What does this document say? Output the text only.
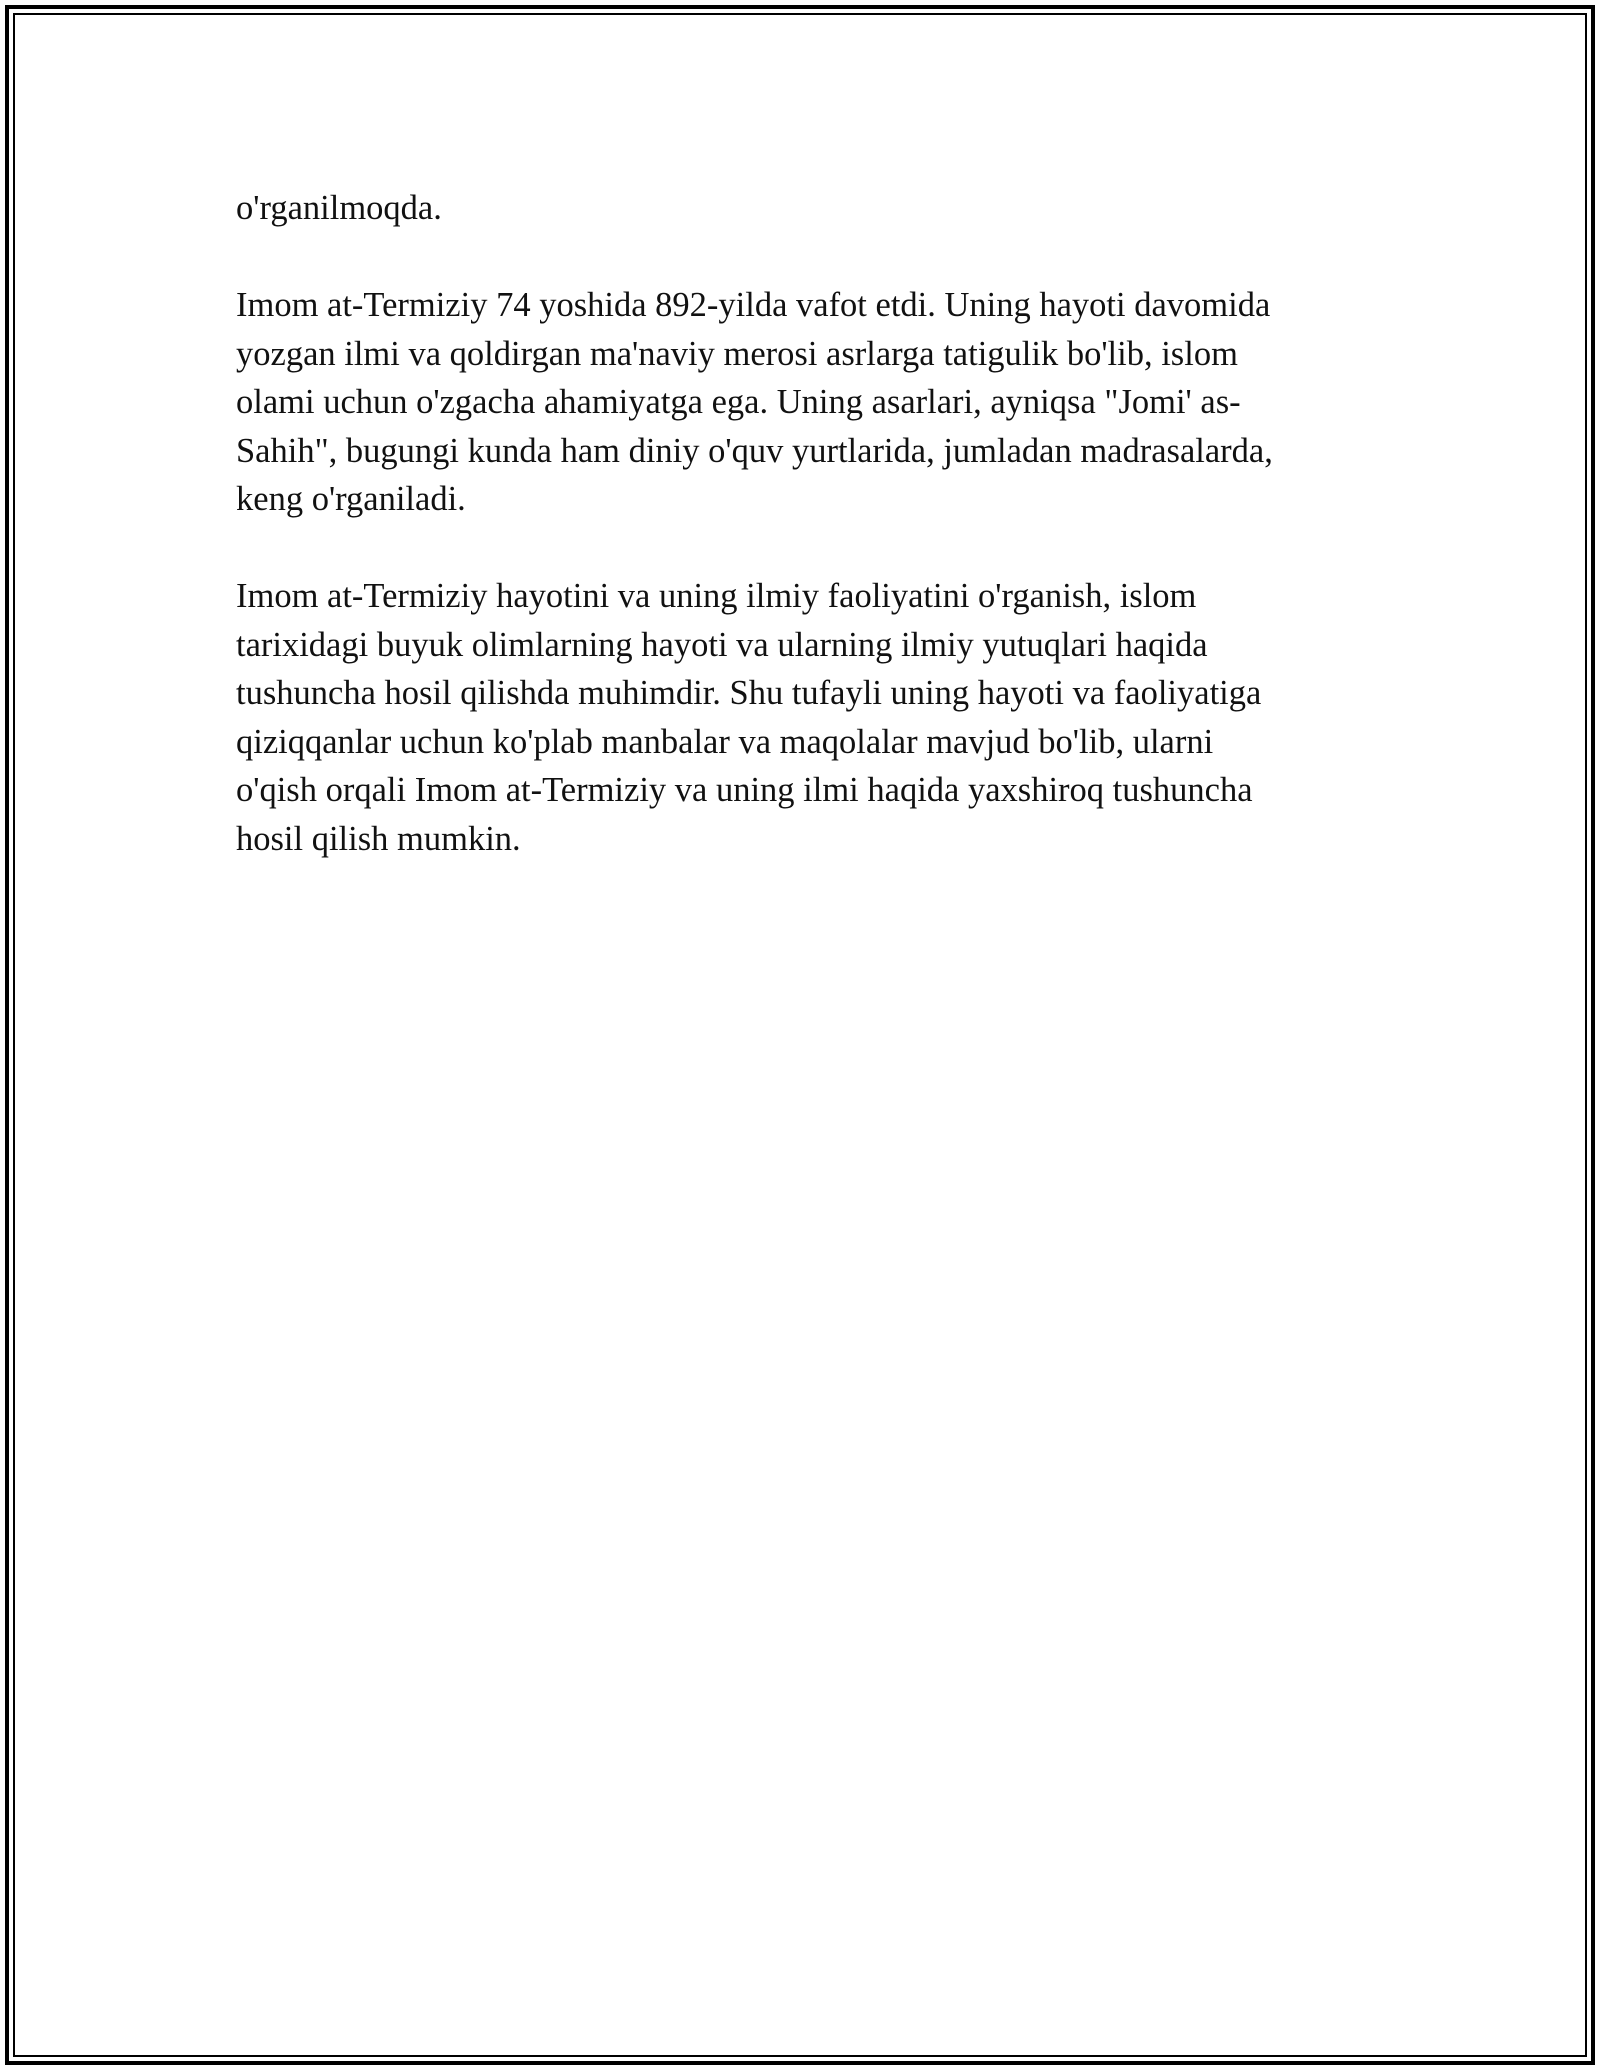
o'rganilmoqda.

Imom at-Termiziy 74 yoshida 892-yilda vafot etdi. Uning hayoti davomida
yozgan ilmi va qoldirgan ma'naviy merosi asrlarga tatigulik bo'lib, islom
olami uchun o'zgacha ahamiyatga ega. Uning asarlari, ayniqsa "Jomi' as-
Sahih", bugungi kunda ham diniy o'quv yurtlarida, jumladan madrasalarda,
keng o'rganiladi.

Imom at-Termiziy hayotini va uning ilmiy faoliyatini o'rganish, islom
tarixidagi buyuk olimlarning hayoti va ularning ilmiy yutuqlari haqida
tushuncha hosil qilishda muhimdir. Shu tufayli uning hayoti va faoliyatiga
qiziqqanlar uchun ko'plab manbalar va maqolalar mavjud bo'lib, ularni
o'qish orqali Imom at-Termiziy va uning ilmi haqida yaxshiroq tushuncha
hosil qilish mumkin.
